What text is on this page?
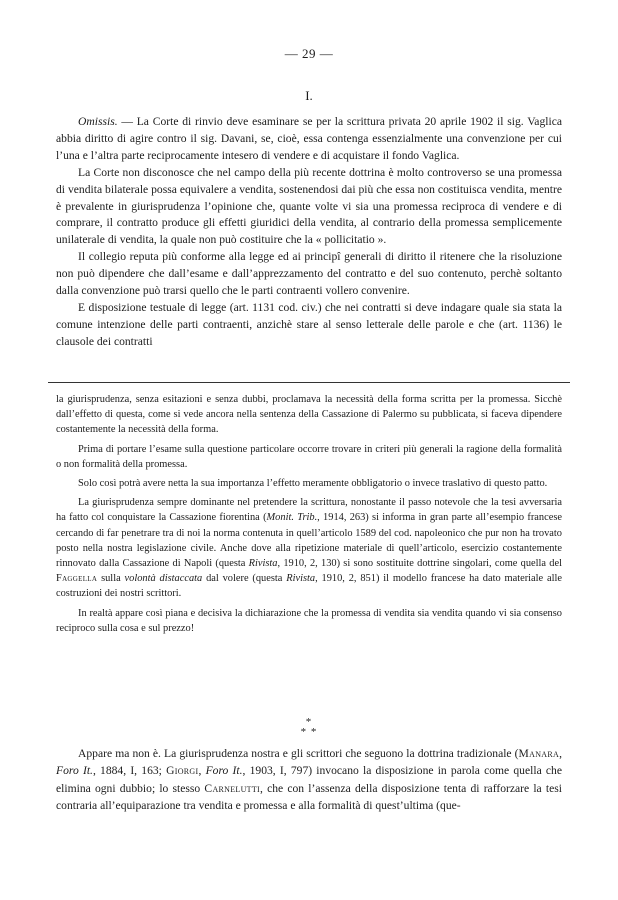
— 29 —
I.

Omissis. — La Corte di rinvio deve esaminare se per la scrittura privata 20 aprile 1902 il sig. Vaglica abbia diritto di agire contro il sig. Davani, se, cioè, essa contenga essenzialmente una convenzione per cui l’una e l’altra parte reciprocamente intesero di vendere e di acquistare il fondo Vaglica.

La Corte non disconosce che nel campo della più recente dottrina è molto controverso se una promessa di vendita bilaterale possa equivalere a vendita, sostenendosi dai più che essa non costituisca vendita, mentre è prevalente in giurisprudenza l’opinione che, quante volte vi sia una promessa reciproca di vendere e di comprare, il contratto produce gli effetti giuridici della vendita, al contrario della promessa semplicemente unilaterale di vendita, la quale non può costituire che la « pollicitatio ».

Il collegio reputa più conforme alla legge ed ai principî generali di diritto il ritenere che la risoluzione non può dipendere che dall’esame e dall’apprezzamento del contratto e del suo contenuto, perchè soltanto dalla convenzione può trarsi quello che le parti contraenti vollero convenire.

E disposizione testuale di legge (art. 1131 cod. civ.) che nei contratti si deve indagare quale sia stata la comune intenzione delle parti contraenti, anzichè stare al senso letterale delle parole e che (art. 1136) le clausole dei contratti

la giurisprudenza, senza esitazioni e senza dubbi, proclamava la necessità della forma scritta per la promessa. Sicchè dall’effetto di questa, come si vede ancora nella sentenza della Cassazione di Palermo su pubblicata, si faceva dipendere costantemente la necessità della forma.

Prima di portare l’esame sulla questione particolare occorre trovare in criteri più generali la ragione della formalità o non formalità della promessa.

Solo così potrà avere netta la sua importanza l’effetto meramente obbligatorio o invece traslativo di questo patto.

La giurisprudenza sempre dominante nel pretendere la scrittura, nonostante il passo notevole che la tesi avversaria ha fatto col conquistare la Cassazione fiorentina (Monit. Trib., 1914, 263) si informa in gran parte all’esempio francese cercando di far penetrare tra di noi la norma contenuta in quell’articolo 1589 del cod. napoleonico che pur non ha trovato posto nella nostra legislazione civile. Anche dove alla ripetizione materiale di quell’articolo, esercizio costantemente rinnovato dalla Cassazione di Napoli (questa Rivista, 1910, 2, 130) si sono sostituite dottrine singolari, come quella del Faggella sulla volontà distaccata dal volere (questa Rivista, 1910, 2, 851) il modello francese ha dato materiale alle costruzioni dei nostri scrittori.

In realtà appare così piana e decisiva la dichiarazione che la promessa di vendita sia vendita quando vi sia consenso reciproco sulla cosa e sul prezzo!

*
* *

Appare ma non è. La giurisprudenza nostra e gli scrittori che seguono la dottrina tradizionale (Manara, Foro It., 1884, I, 163; Giorgi, Foro It., 1903, I, 797) invocano la disposizione in parola come quella che elimina ogni dubbio; lo stesso Carnelutti, che con l’assenza della disposizione tenta di rafforzare la tesi contraria all’equiparazione tra vendita e promessa e alla formalità di quest’ultima (que-
